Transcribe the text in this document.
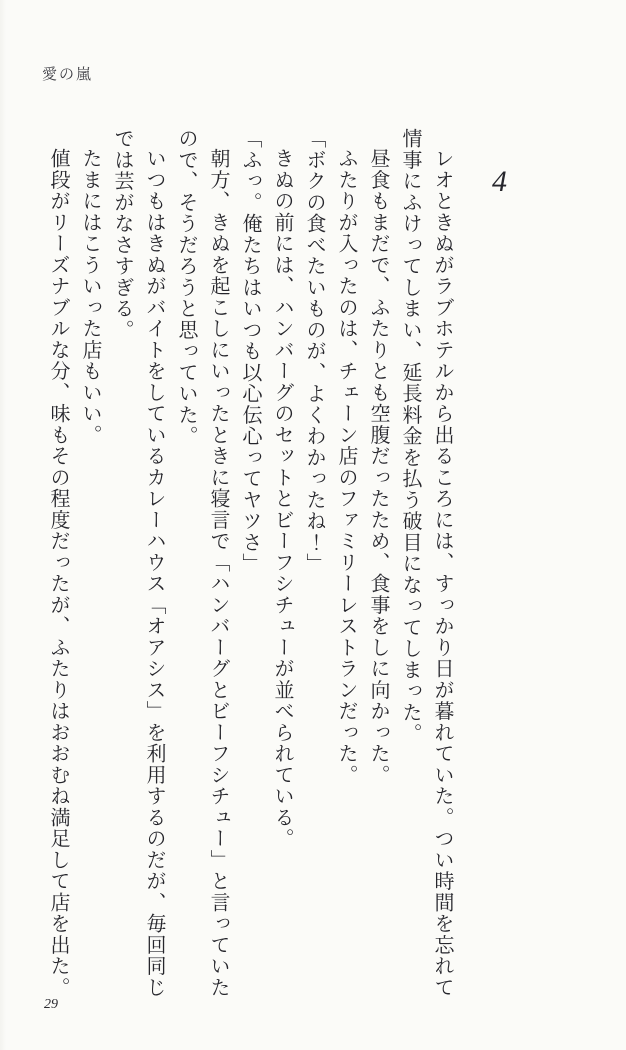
愛の嵐
4

レオときぬがラブホテルから出るころには、すっかり日が暮れていた。つい時間を忘れて情事にふけってしまい、延長料金を払う破目になってしまった。

昼食もまだで、ふたりとも空腹だったため、食事をしに向かった。

ふたりが入ったのは、チェーン店のファミリーレストランだった。

「ボクの食べたいものが、よくわかったね！」

きぬの前には、ハンバーグのセットとビーフシチューが並べられている。

「ふっ。俺たちはいつも以心伝心ってヤツさ」

朝方、きぬを起こしにいったときに寝言で「ハンバーグとビーフシチュー」と言っていたので、そうだろうと思っていた。

いつもはきぬがバイトをしているカレーハウス「オアシス」を利用するのだが、毎回同じでは芸がなさすぎる。

たまにはこういった店もいい。

値段がリーズナブルな分、味もその程度だったが、ふたりはおおむね満足して店を出た。

29
